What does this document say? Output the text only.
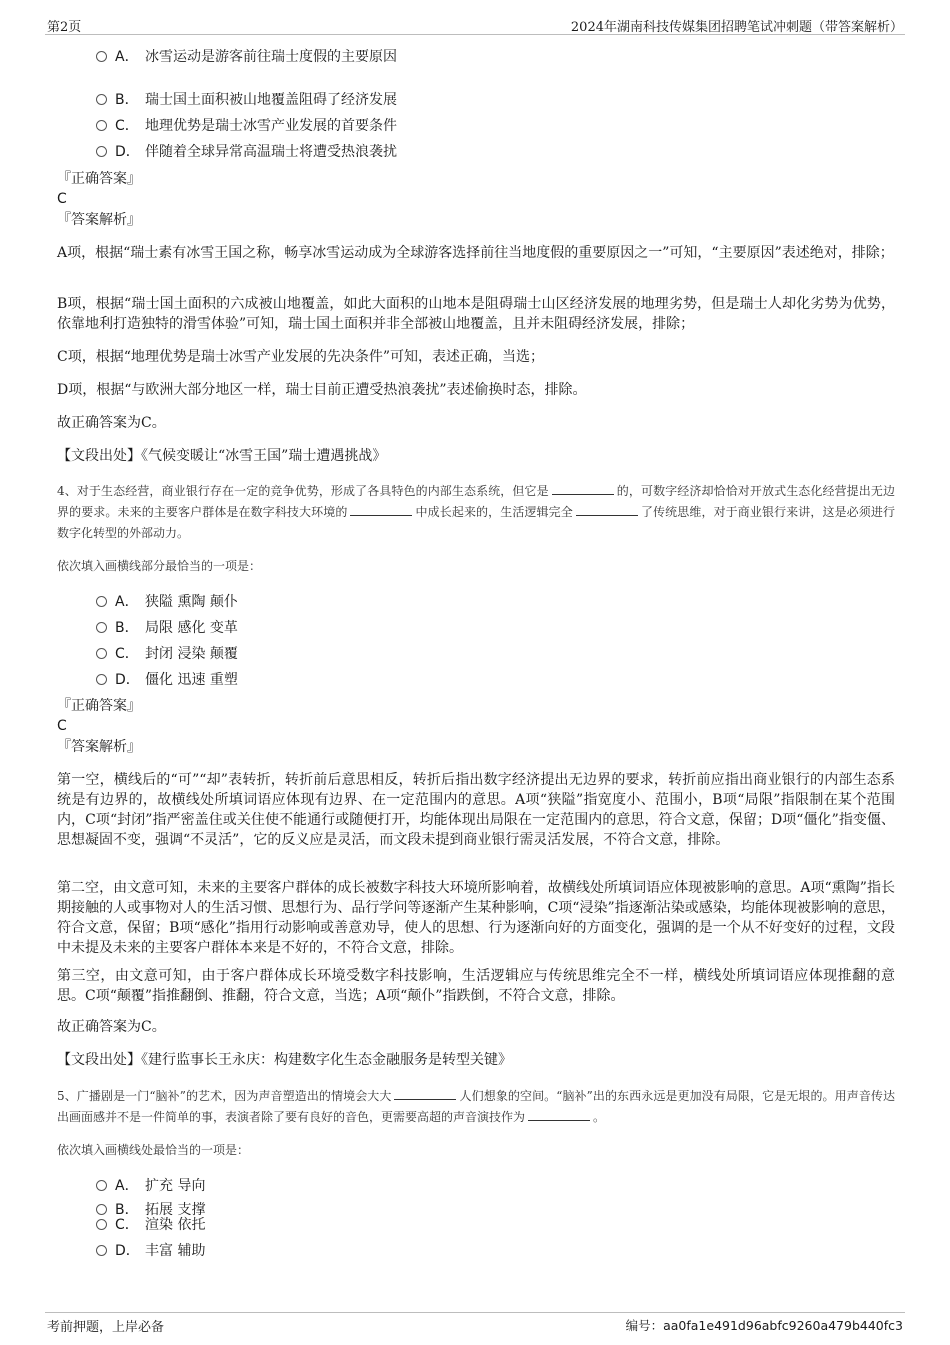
第2页	2024年湖南科技传媒集团招聘笔试冲刺题（带答案解析）
A． 冰雪运动是游客前往瑞士度假的主要原因
B． 瑞士国土面积被山地覆盖阻碍了经济发展
C． 地理优势是瑞士冰雪产业发展的首要条件
D． 伴随着全球异常高温瑞士将遭受热浪袭扰
『正确答案』
C
『答案解析』
A项，根据“瑞士素有冰雪王国之称，畅享冰雪运动成为全球游客选择前往当地度假的重要原因之一”可知，“主要原因”表述绝对，排除；
B项，根据“瑞士国土面积的六成被山地覆盖，如此大面积的山地本是阻碍瑞士山区经济发展的地理劣势，但是瑞士人却化劣势为优势，依靠地利打造独特的滑雪体验”可知，瑞士国土面积并非全部被山地覆盖，且并未阻碍经济发展，排除；
C项，根据“地理优势是瑞士冰雪产业发展的先决条件”可知，表述正确，当选；
D项，根据“与欧洲大部分地区一样，瑞士目前正遭受热浪袭扰”表述偷换时态，排除。
故正确答案为C。
【文段出处】《气候变暖让“冰雪王国”瑞士遭遇挑战》
4、对于生态经营，商业银行存在一定的竞争优势，形成了各具特色的内部生态系统，但它是	的，可数字经济却恰恰对开放式生态化经营提出无边界的要求。未来的主要客户群体是在数字科技大环境的	中成长起来的，生活逻辑完全	了传统思维，对于商业银行来讲，这是必须进行数字化转型的外部动力。
依次填入画横线部分最恰当的一项是：
A． 狭隘 熏陶 颠仆
B． 局限 感化 变革
C． 封闭 浸染 颠覆
D． 僵化 迅速 重塑
『正确答案』
C
『答案解析』
第一空，横线后的“可”“却”表转折，转折前后意思相反，转折后指出数字经济提出无边界的要求，转折前应指出商业银行的内部生态系统是有边界的，故横线处所填词语应体现有边界、在一定范围内的意思。A项“狭隘”指宽度小、范围小，B项“局限”指限制在某个范围内，C项“封闭”指严密盖住或关住使不能通行或随便打开，均能体现出局限在一定范围内的意思，符合文意，保留；D项“僵化”指变僵、思想凝固不变，强调“不灵活”，它的反义应是灵活，而文段未提到商业银行需灵活发展，不符合文意，排除。
第二空，由文意可知，未来的主要客户群体的成长被数字科技大环境所影响着，故横线处所填词语应体现被影响的意思。A项“熏陶”指长期接触的人或事物对人的生活习惯、思想行为、品行学问等逐渐产生某种影响，C项“浸染”指逐渐沾染或感染，均能体现被影响的意思，符合文意，保留；B项“感化”指用行动影响或善意劝导，使人的思想、行为逐渐向好的方面变化，强调的是一个从不好变好的过程，文段中未提及未来的主要客户群体本来是不好的，不符合文意，排除。
第三空，由文意可知，由于客户群体成长环境受数字科技影响，生活逻辑应与传统思维完全不一样，横线处所填词语应体现推翻的意思。C项“颠覆”指推翻倒、推翻，符合文意，当选；A项“颠仆”指跌倒，不符合文意，排除。
故正确答案为C。
【文段出处】《建行监事长王永庆：构建数字化生态金融服务是转型关键》
5、广播剧是一门“脑补”的艺术，因为声音塑造出的情境会大大	人们想象的空间。“脑补”出的东西永远是更加没有局限，它是无垠的。用声音传达出画面感并不是一件简单的事，表演者除了要有良好的音色，更需要高超的声音演技作为	。
依次填入画横线处最恰当的一项是：
A． 扩充 导向
B． 拓展 支撑
C． 渲染 依托
D． 丰富 辅助
考前押题，上岸必备	编号：aa0fa1e491d96abfc9260a479b440fc3
